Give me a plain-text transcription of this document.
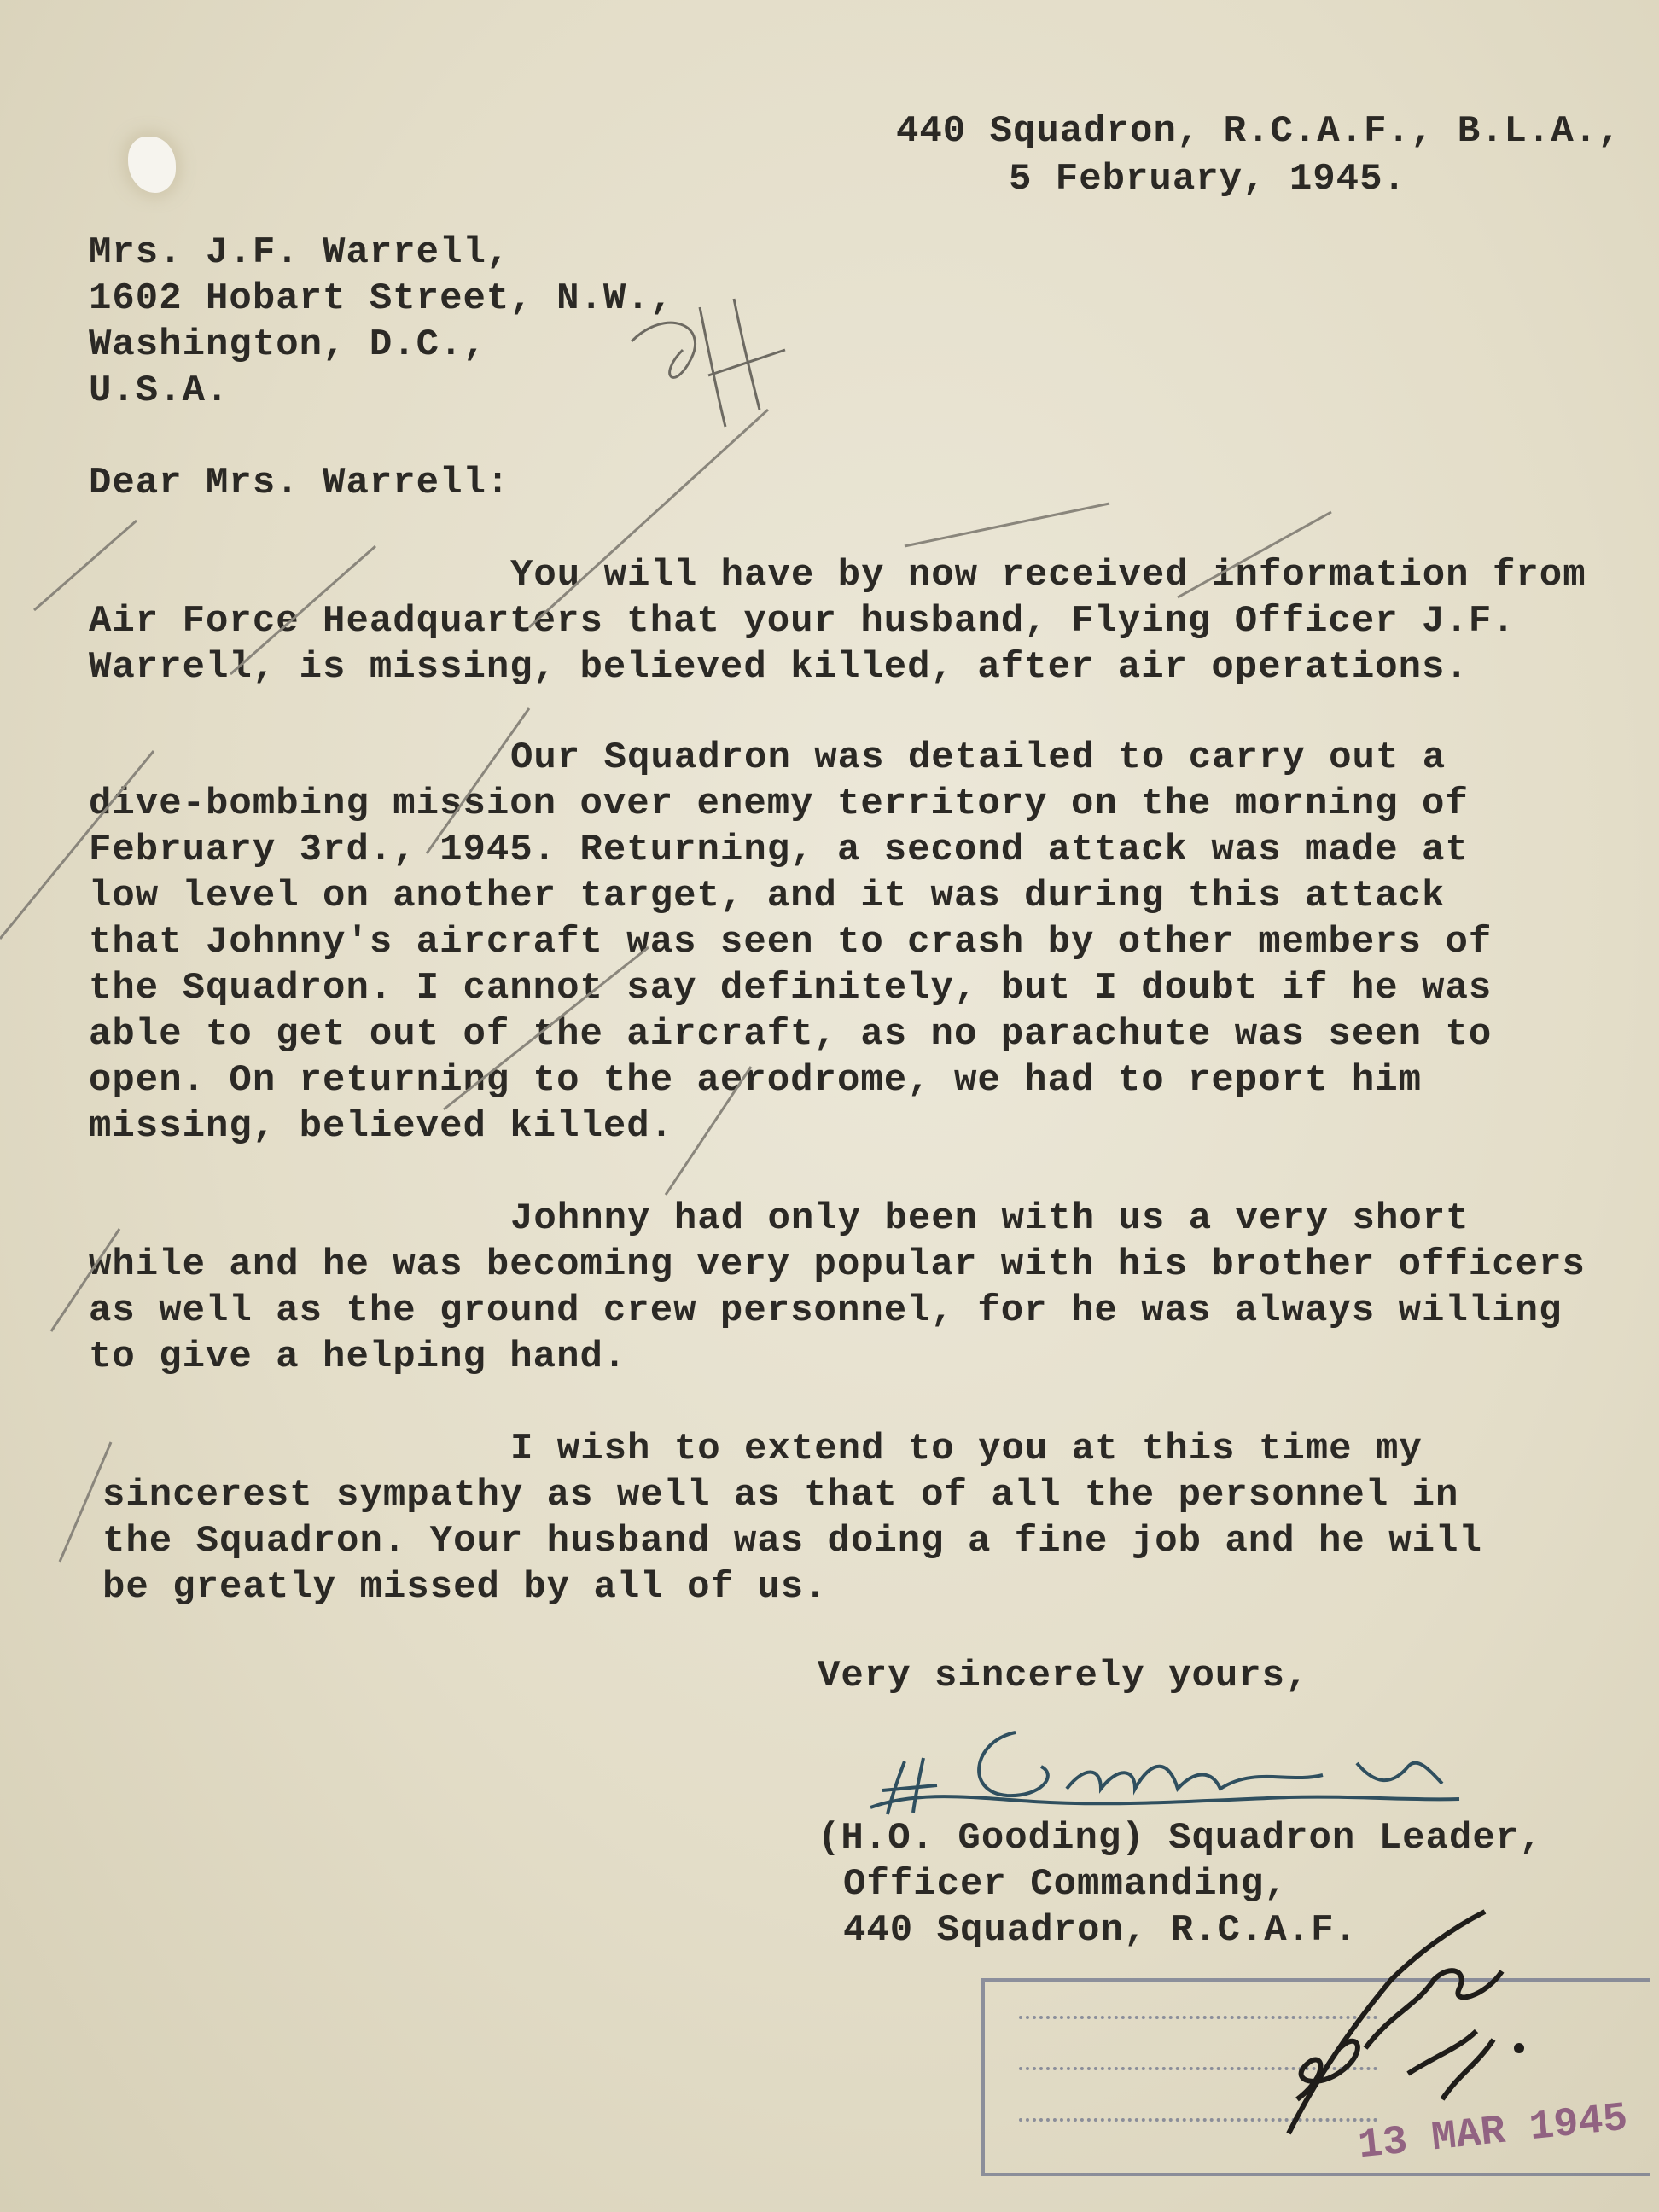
440 Squadron, R.C.A.F., B.L.A.,
5 February, 1945.
Mrs. J.F. Warrell,
1602 Hobart Street, N.W.,
Washington, D.C.,
U.S.A.
Dear Mrs. Warrell:
You will have by now received information from
Air Force Headquarters that your husband, Flying Officer J.F.
Warrell, is missing, believed killed, after air operations.
Our Squadron was detailed to carry out a
dive-bombing mission over enemy territory on the morning of
February 3rd., 1945. Returning, a second attack was made at
low level on another target, and it was during this attack
that Johnny's aircraft was seen to crash by other members of
the Squadron. I cannot say definitely, but I doubt if he was
able to get out of the aircraft, as no parachute was seen to
open. On returning to the aerodrome, we had to report him
missing, believed killed.
Johnny had only been with us a very short
while and he was becoming very popular with his brother officers
as well as the ground crew personnel, for he was always willing
to give a helping hand.
I wish to extend to you at this time my
sincerest sympathy as well as that of all the personnel in
the Squadron. Your husband was doing a fine job and he will
be greatly missed by all of us.
Very sincerely yours,
(H.O. Gooding) Squadron Leader,
Officer Commanding,
440 Squadron, R.C.A.F.
13 MAR 1945
